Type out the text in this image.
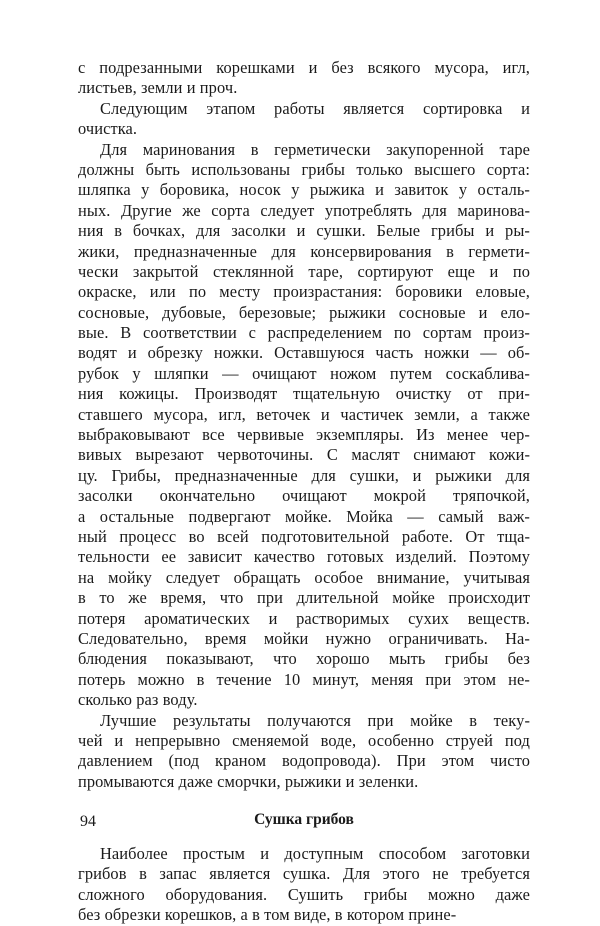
с подрезанными корешками и без всякого мусора, игл,
листьев, земли и проч.
Следующим этапом работы является сортировка и
очистка.
Для маринования в герметически закупоренной таре
должны быть использованы грибы только высшего сорта:
шляпка у боровика, носок у рыжика и завиток у осталь-
ных. Другие же сорта следует употреблять для маринова-
ния в бочках, для засолки и сушки. Белые грибы и ры-
жики, предназначенные для консервирования в гермети-
чески закрытой стеклянной таре, сортируют еще и по
окраске, или по месту произрастания: боровики еловые,
сосновые, дубовые, березовые; рыжики сосновые и ело-
вые. В соответствии с распределением по сортам произ-
водят и обрезку ножки. Оставшуюся часть ножки — об-
рубок у шляпки — очищают ножом путем соскаблива-
ния кожицы. Производят тщательную очистку от при-
ставшего мусора, игл, веточек и частичек земли, а также
выбраковывают все червивые экземпляры. Из менее чер-
вивых вырезают червоточины. С маслят снимают кожи-
цу. Грибы, предназначенные для сушки, и рыжики для
засолки окончательно очищают мокрой тряпочкой,
а остальные подвергают мойке. Мойка — самый важ-
ный процесс во всей подготовительной работе. От тща-
тельности ее зависит качество готовых изделий. Поэтому
на мойку следует обращать особое внимание, учитывая
в то же время, что при длительной мойке происходит
потеря ароматических и растворимых сухих веществ.
Следовательно, время мойки нужно ограничивать. На-
блюдения показывают, что хорошо мыть грибы без
потерь можно в течение 10 минут, меняя при этом не-
сколько раз воду.
Лучшие результаты получаются при мойке в теку-
чей и непрерывно сменяемой воде, особенно струей под
давлением (под краном водопровода). При этом чисто
промываются даже сморчки, рыжики и зеленки.
Сушка грибов
Наиболее простым и доступным способом заготовки
грибов в запас является сушка. Для этого не требуется
сложного оборудования. Сушить грибы можно даже
без обрезки корешков, а в том виде, в котором прине-
94
